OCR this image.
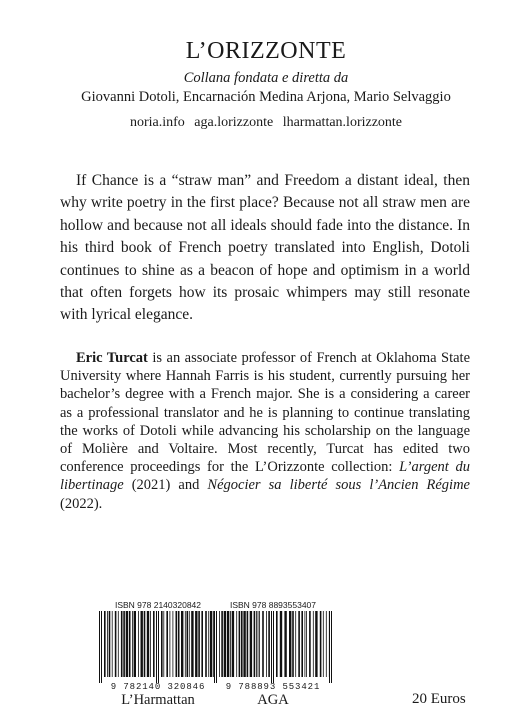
L’ORIZZONTE
Collana fondata e diretta da
Giovanni Dotoli, Encarnación Medina Arjona, Mario Selvaggio
noria.info aga.lorizzonte lharmattan.lorizzonte

If Chance is a “straw man” and Freedom a distant ideal, then why write poetry in the first place? Because not all straw men are hollow and because not all ideals should fade into the distance. In his third book of French poetry translated into English, Dotoli continues to shine as a beacon of hope and optimism in a world that often forgets how its prosaic whimpers may still resonate with lyrical elegance.

Eric Turcat is an associate professor of French at Oklahoma State University where Hannah Farris is his student, currently pursuing her bachelor’s degree with a French major. She is a considering a career as a professional translator and he is planning to continue translating the works of Dotoli while advancing his scholarship on the language of Molière and Voltaire. Most recently, Turcat has edited two conference proceedings for the L’Orizzonte collection: L’argent du libertinage (2021) and Négocier sa liberté sous l’Ancien Régime (2022).

ISBN 978 2140320842
9 782140 320846
L’Harmattan
ISBN 978 8893553407
9 788893 553421
AGA	20 Euros
